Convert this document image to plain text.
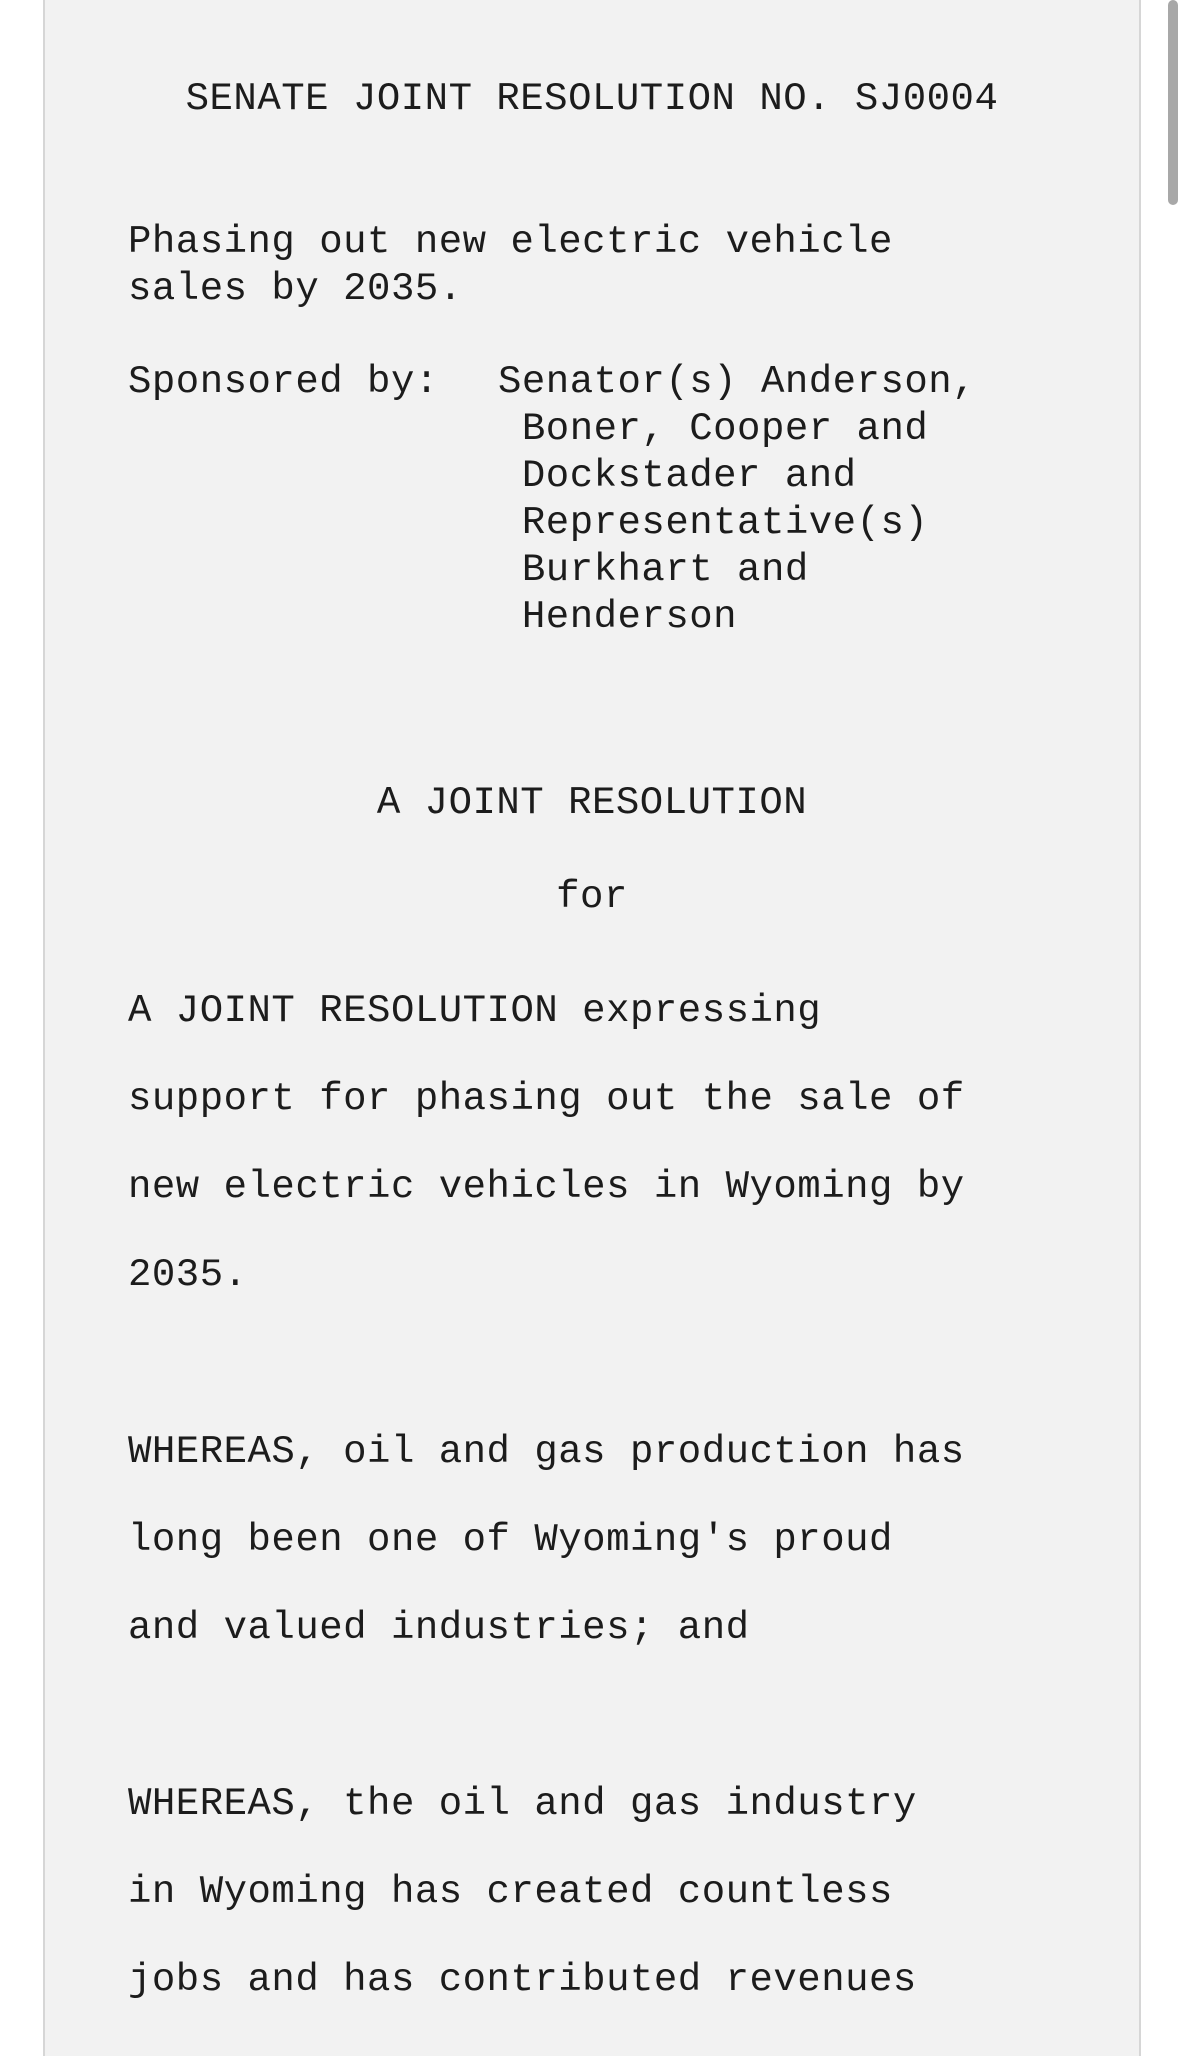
SENATE JOINT RESOLUTION NO. SJ0004

Phasing out new electric vehicle
sales by 2035.

Sponsored by: Senator(s) Anderson,
Boner, Cooper and
Dockstader and
Representative(s)
Burkhart and
Henderson

A JOINT RESOLUTION

for

A JOINT RESOLUTION expressing
support for phasing out the sale of
new electric vehicles in Wyoming by
2035.

WHEREAS, oil and gas production has
long been one of Wyoming's proud
and valued industries; and

WHEREAS, the oil and gas industry
in Wyoming has created countless
jobs and has contributed revenues
